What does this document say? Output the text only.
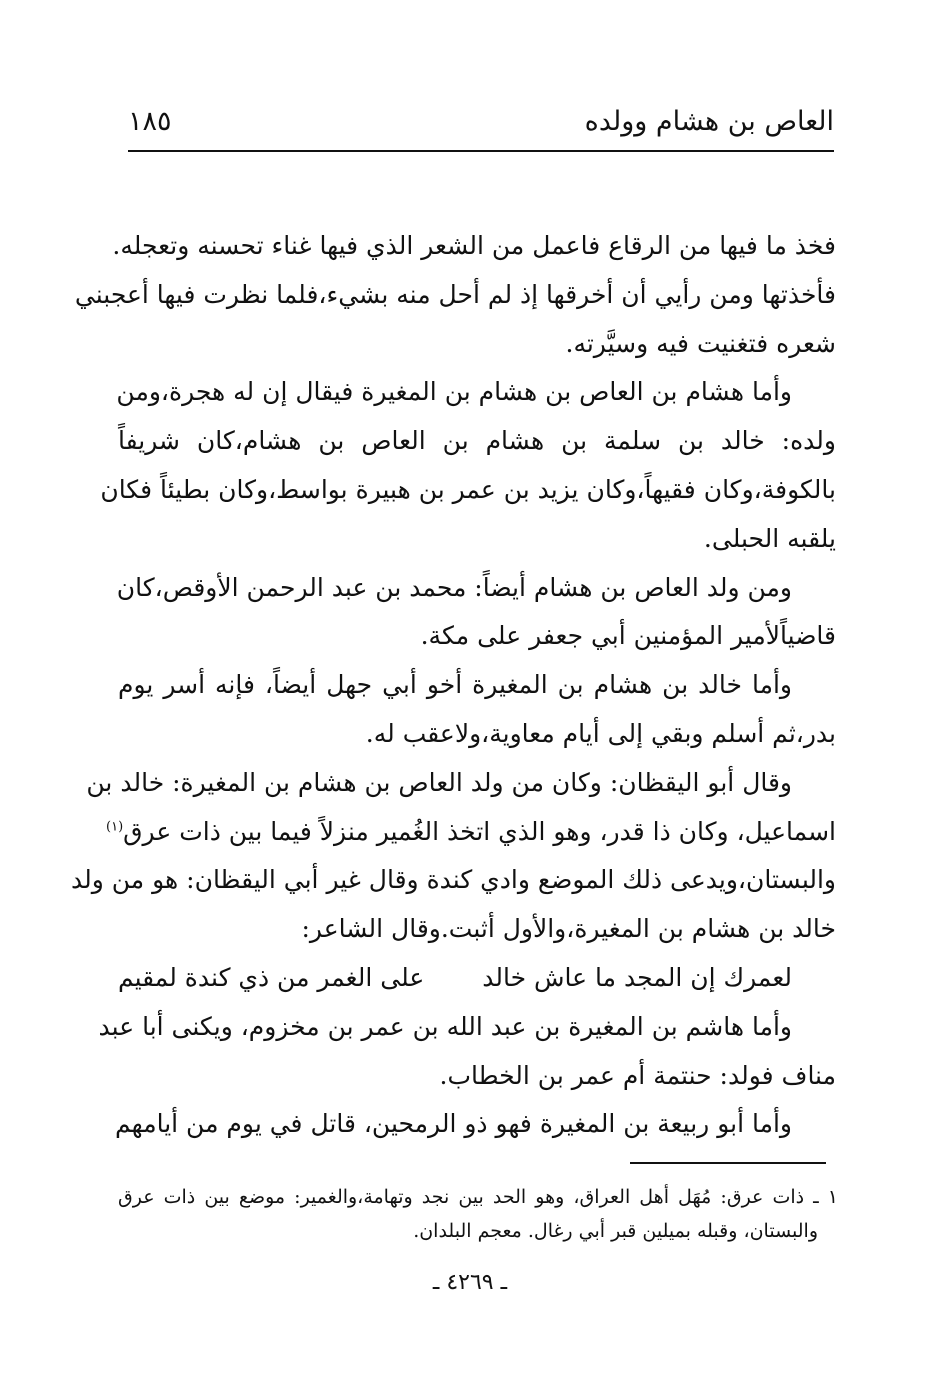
العاص بن هشام وولده
١٨٥
فخذ ما فيها من الرقاع فاعمل من الشعر الذي فيها غناء تحسنه وتعجله.
فأخذتها ومن رأيي أن أخرقها إذ لم أحل منه بشيء،فلما نظرت فيها أعجبني
شعره فتغنيت فيه وسيَّرته.
وأما هشام بن العاص بن هشام بن المغيرة فيقال إن له هجرة،ومن
ولده: خالد بن سلمة بن هشام بن العاص بن هشام،كان شريفاً
بالكوفة،وكان فقيهاً،وكان يزيد بن عمر بن هبيرة بواسط،وكان بطيئاً فكان
يلقبه الحبلى.
ومن ولد العاص بن هشام أيضاً: محمد بن عبد الرحمن الأوقص،كان
قاضياًلأمير المؤمنين أبي جعفر على مكة.
وأما خالد بن هشام بن المغيرة أخو أبي جهل أيضاً، فإنه أسر يوم
بدر،ثم أسلم وبقي إلى أيام معاوية،ولاعقب له.
وقال أبو اليقظان: وكان من ولد العاص بن هشام بن المغيرة: خالد بن
اسماعيل، وكان ذا قدر، وهو الذي اتخذ الغُمير منزلاً فيما بين ذات عرق$^{(١)}$
والبستان،ويدعى ذلك الموضع وادي كندة وقال غير أبي اليقظان: هو من ولد
خالد بن هشام بن المغيرة،والأول أثبت.وقال الشاعر:
لعمرك إن المجد ما عاش خالد
على الغمر من ذي كندة لمقيم
وأما هاشم بن المغيرة بن عبد الله بن عمر بن مخزوم، ويكنى أبا عبد
مناف فولد: حنتمة أم عمر بن الخطاب.
وأما أبو ربيعة بن المغيرة فهو ذو الرمحين، قاتل في يوم من أيامهم
١ ـ ذات عرق: مُهَل أهل العراق، وهو الحد بين نجد وتهامة،والغمير: موضع بين ذات عرق
والبستان، وقبله بميلين قبر أبي رغال. معجم البلدان.
ـ ٤٢٦٩ ـ
